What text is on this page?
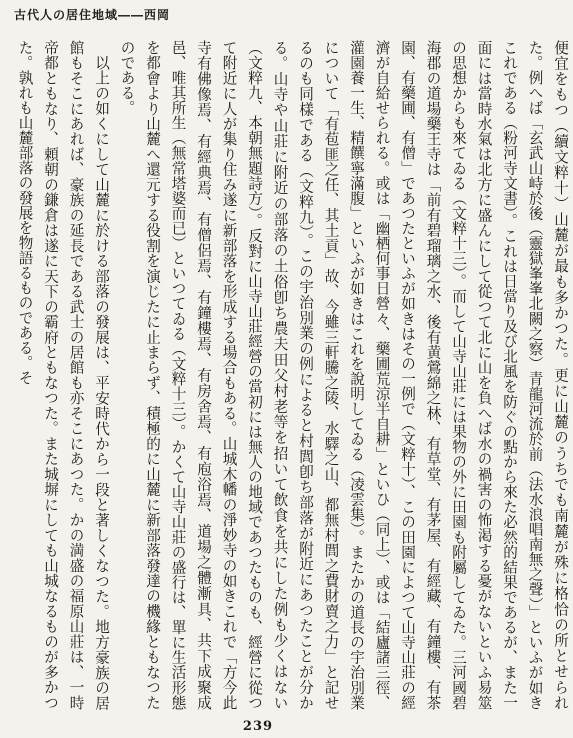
古代人の居住地域――西岡

便宜をもつ（續文粹十）山麓が最も多かつた。更に山麓のうちでも南麓が殊に格恰の所とせられた。例へば「玄武山峙於後（靈獄峯峯北闕之察）青龍河流於前（法水浪唱南無之聲）」といふが如きこれである（粉河寺文書）。これは日當り及び北風を防ぐの點から來た必然的結果であるが、また一面には當時水氣は北方に盛んにして從つて北に山を負へば水の禍害の怖渇する憂がないといふ易筮の思想からも來てゐる（文粹十三）。而して山寺山莊には果物の外に田園も附屬してゐた。三河國碧海郡の道場藥王寺は「前有碧瑠璃之水、後有黄鶯綿之林、有草堂、有茅屋、有經藏、有鐘樓、有茶園、有藥圃、有僧」であつたといふが如きはその一例で（文粹十）、この田園によつて山寺山莊の經濟が自給せられる。或は「幽栖何事日營々、藥圃荒涼半自耕」といひ（同上）、或は「結廬諸三徑、灌園養一生、精饌寧滿腹」といふが如きはこれを說明してゐる（凌雲集）。またかの道長の宇治別業について「有苞匪之任、其土貢」故、今雖三軒騰之陵、水驛之山、都無村閭之費財賣之力」と記せるのも同樣である（文粹九）。この宇治別業の例によると村閭卽ち部落が附近にあつたことが分かる。山寺や山莊に附近の部落の土俗卽ち農夫田父村老等を招いて飲食を共にした例も少くはない（文粹九、本朝無題詩方）。反對に山寺山莊經營の當初には無人の地域であつたものも、經營に從つて附近に人が集り住み遂に新部落を形成する場合もある。山城木幡の淨妙寺の如きこれで「方今此寺有佛像焉、有經典焉、有僧侶焉、有鐘樓焉、有房舍焉、有庖浴焉、道場之體漸具、共下成聚成邑、唯其所生（無常塔婆而已）といつてゐる（文粹十三）。かくて山寺山莊の盛行は、單に生活形態を都會より山麓へ還元する役割を演じたに止まらず、積極的に山麓に新部落發達の機緣ともなつたのである。

以上の如くにして山麓に於ける部落の發展は、平安時代から一段と著しくなつた。地方豪族の居館もそこにあれば、豪族の延長である武士の居館も亦そこにあつた。かの満盛の福原山莊は、一時帝都ともなり、頼朝の鎌倉は遂に天下の霸府ともなつた。また城塀にしても山城なるものが多かつた。孰れも山麓部落の發展を物語るものである。そ

239
